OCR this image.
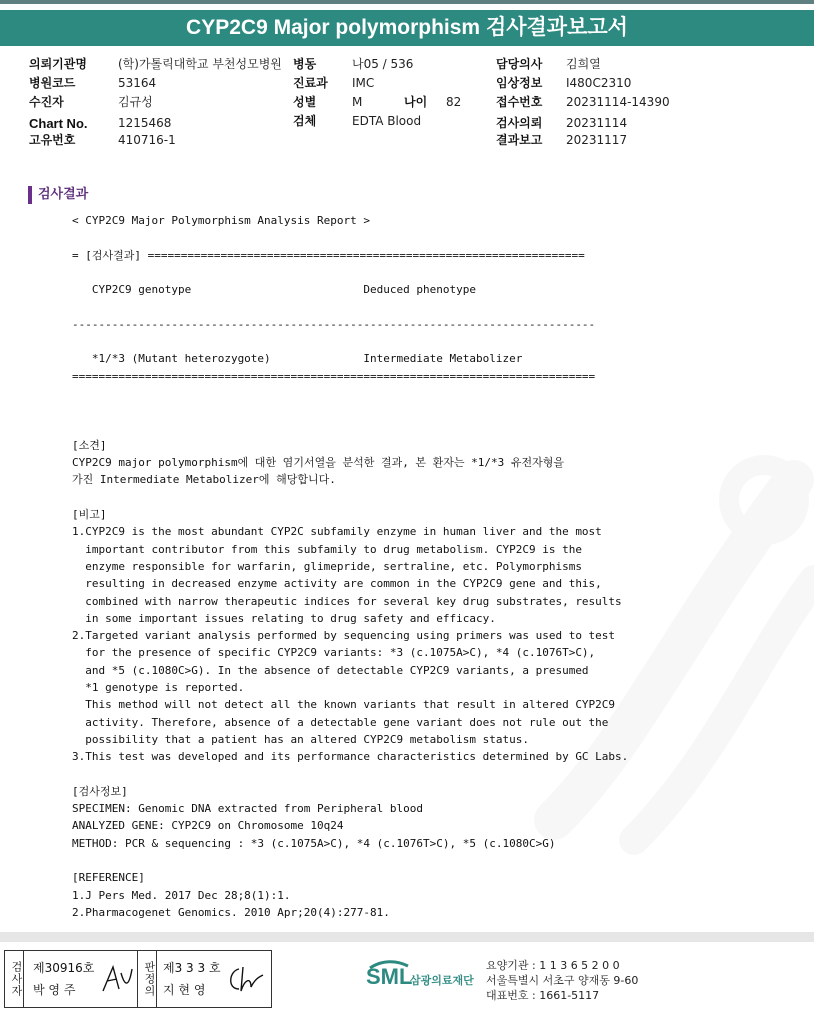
CYP2C9 Major polymorphism 검사결과보고서
의뢰기관명	(학)가톨릭대학교 부천성모병원 병동	나05 / 536	담당의사 김희열
병원코드	53164	진료과 IMC	임상정보 I480C2310
수진자	김규성	성별	M	나이 82	접수번호 20231114-14390
Chart No.	1215468	검체	EDTA Blood	검사의뢰 20231114
고유번호	410716-1	결과보고 20231117
검사결과
< CYP2C9 Major Polymorphism Analysis Report >
= [검사결과] ==================================================================
CYP2C9 genotype                          Deduced phenotype
-------------------------------------------------------------------------------
*1/*3 (Mutant heterozygote)              Intermediate Metabolizer
===============================================================================
[소견]
CYP2C9 major polymorphism에 대한 염기서열을 분석한 결과, 본 환자는 *1/*3 유전자형을
가진 Intermediate Metabolizer에 해당합니다.
[비고]
1.CYP2C9 is the most abundant CYP2C subfamily enzyme in human liver and the most
important contributor from this subfamily to drug metabolism. CYP2C9 is the
enzyme responsible for warfarin, glimepride, sertraline, etc. Polymorphisms
resulting in decreased enzyme activity are common in the CYP2C9 gene and this,
combined with narrow therapeutic indices for several key drug substrates, results
in some important issues relating to drug safety and efficacy.
2.Targeted variant analysis performed by sequencing using primers was used to test
for the presence of specific CYP2C9 variants: *3 (c.1075A>C), *4 (c.1076T>C),
and *5 (c.1080C>G). In the absence of detectable CYP2C9 variants, a presumed
*1 genotype is reported.
This method will not detect all the known variants that result in altered CYP2C9
activity. Therefore, absence of a detectable gene variant does not rule out the
possibility that a patient has an altered CYP2C9 metabolism status.
3.This test was developed and its performance characteristics determined by GC Labs.
[검사정보]
SPECIMEN: Genomic DNA extracted from Peripheral blood
ANALYZED GENE: CYP2C9 on Chromosome 10q24
METHOD: PCR & sequencing : *3 (c.1075A>C), *4 (c.1076T>C), *5 (c.1080C>G)
[REFERENCE]
1.J Pers Med. 2017 Dec 28;8(1):1.
2.Pharmacogenet Genomics. 2010 Apr;20(4):277-81.
검사자 제30916호
박 영 주	판정의 제3 3 3 호
지 현 영
SML
삼광의료재단
요양기관 : 1 1 3 6 5 2 0 0
서울특별시 서초구 양재동 9-60
대표번호 : 1661-5117
